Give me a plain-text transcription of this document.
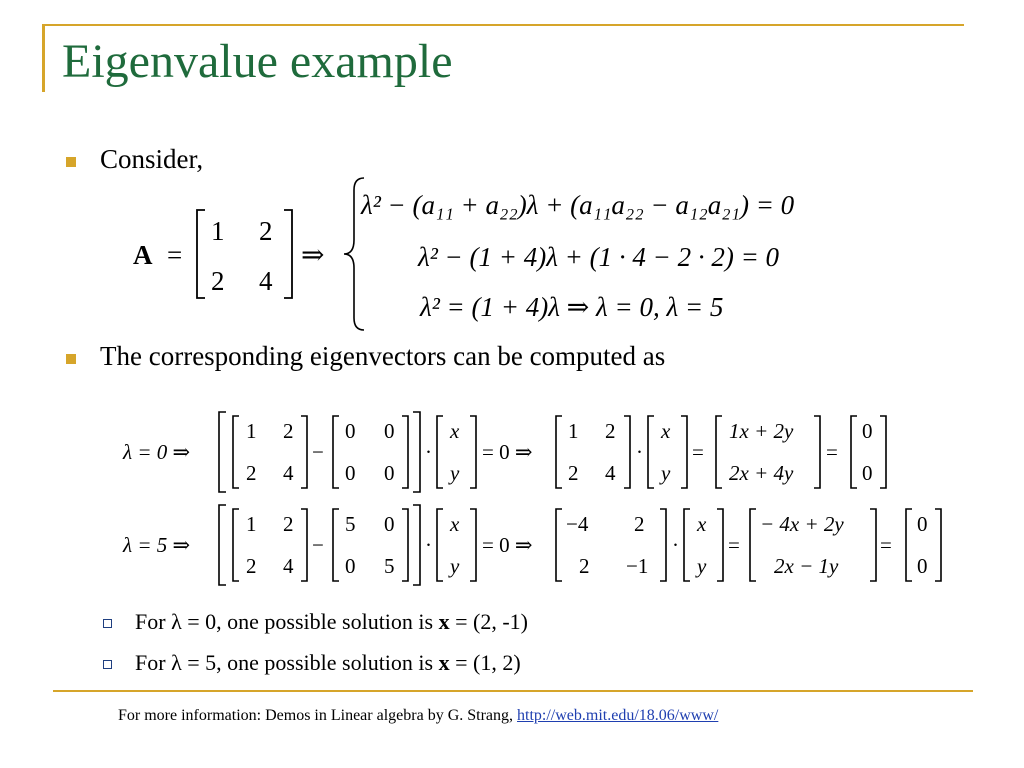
Eigenvalue example
Consider,
The corresponding eigenvectors can be computed as
A =
1 2
2 4
⇒
λ² − (a₁₁ + a₂₂)λ + (a₁₁a₂₂ − a₁₂a₂₁) = 0
λ² − (1 + 4)λ + (1 · 4 − 2 · 2) = 0
λ² = (1 + 4)λ ⇒ λ = 0, λ = 5
λ = 0 ⇒
1 2
2 4
−
0 0
0 0
·
x
y
= 0 ⇒
1 2
2 4
·
x
y
=
1x + 2y
2x + 4y
=
0
0
λ = 5 ⇒
1 2
2 4
−
5 0
0 5
·
x
y
= 0 ⇒
−4 2
2 −1
·
x
y
=
− 4x + 2y
2x − 1y
=
0
0
For λ = 0, one possible solution is x = (2, -1)
For λ = 5, one possible solution is x = (1, 2)
For more information: Demos in Linear algebra by G. Strang, http://web.mit.edu/18.06/www/
